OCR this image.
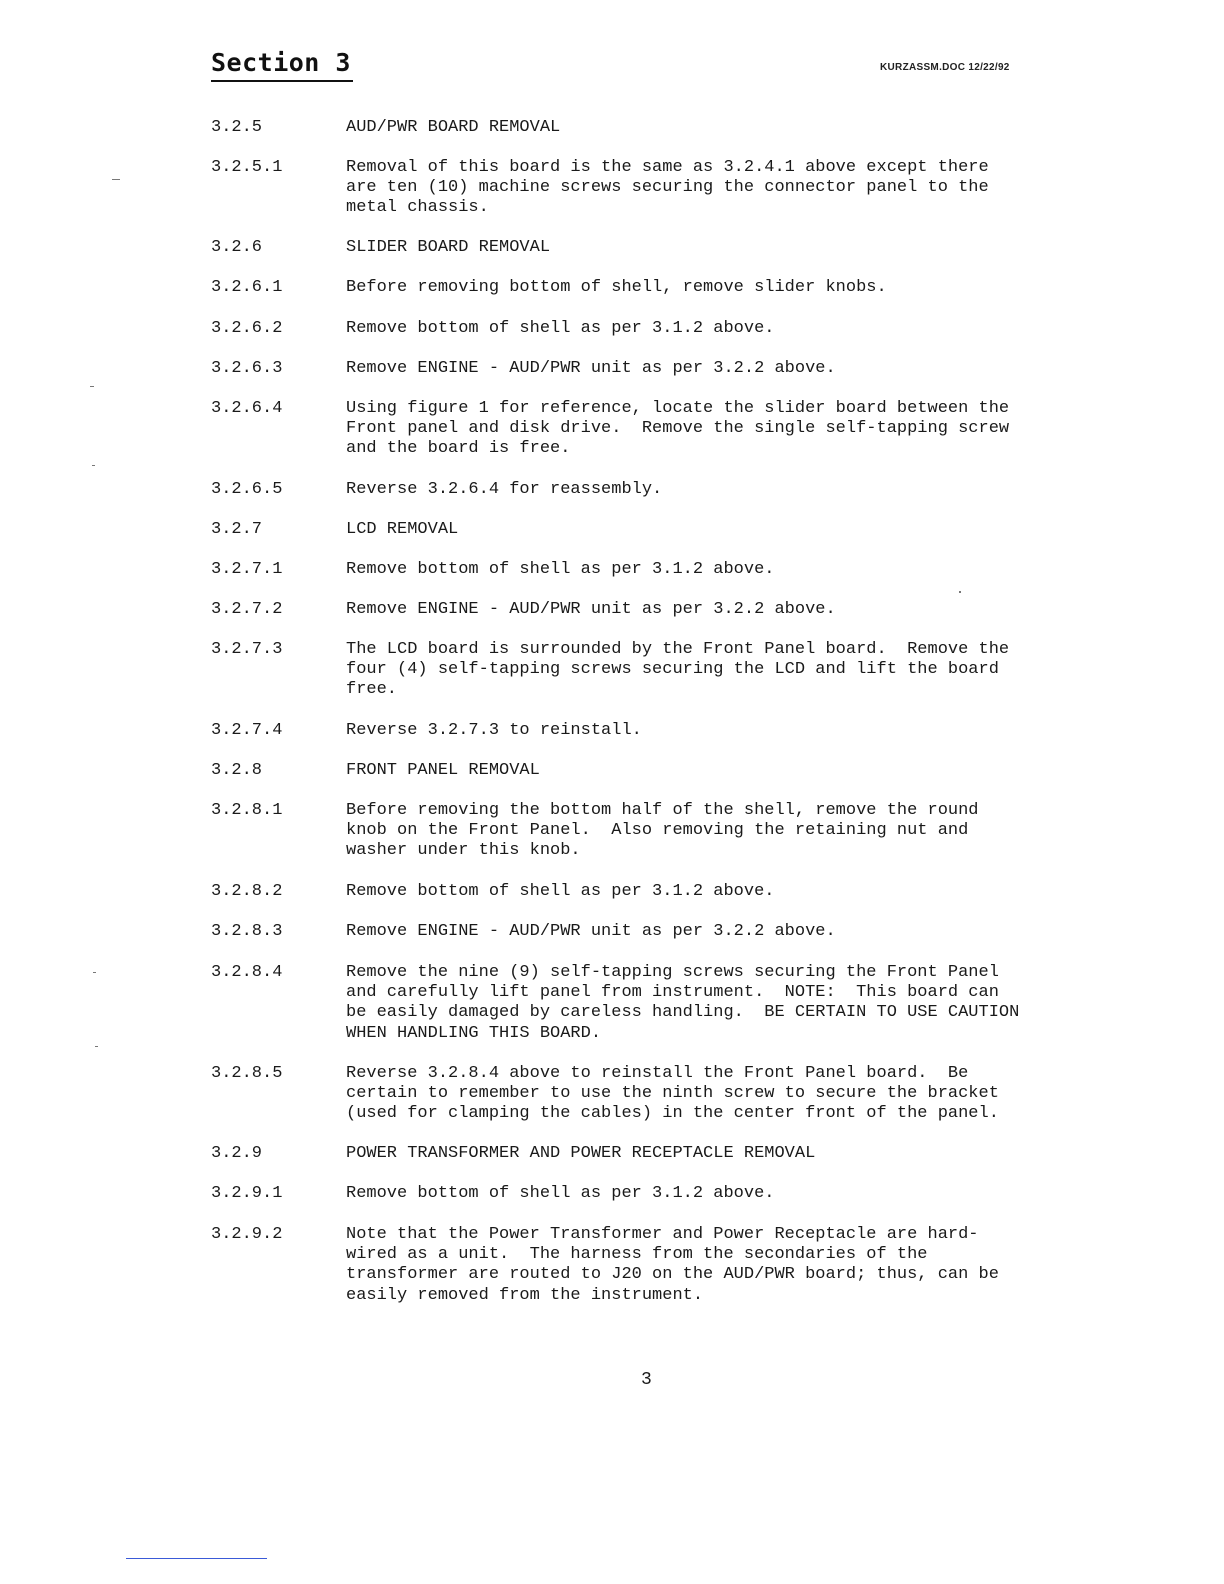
Section 3	KURZASSM.DOC 12/22/92
3.2.5	AUD/PWR BOARD REMOVAL
3.2.5.1	Removal of this board is the same as 3.2.4.1 above except there
are ten (10) machine screws securing the connector panel to the
metal chassis.
3.2.6	SLIDER BOARD REMOVAL
3.2.6.1	Before removing bottom of shell, remove slider knobs.
3.2.6.2	Remove bottom of shell as per 3.1.2 above.
3.2.6.3	Remove ENGINE - AUD/PWR unit as per 3.2.2 above.
3.2.6.4	Using figure 1 for reference, locate the slider board between the
Front panel and disk drive.  Remove the single self-tapping screw
and the board is free.
3.2.6.5	Reverse 3.2.6.4 for reassembly.
3.2.7	LCD REMOVAL
3.2.7.1	Remove bottom of shell as per 3.1.2 above.
3.2.7.2	Remove ENGINE - AUD/PWR unit as per 3.2.2 above.
3.2.7.3	The LCD board is surrounded by the Front Panel board.  Remove the
four (4) self-tapping screws securing the LCD and lift the board
free.
3.2.7.4	Reverse 3.2.7.3 to reinstall.
3.2.8	FRONT PANEL REMOVAL
3.2.8.1	Before removing the bottom half of the shell, remove the round
knob on the Front Panel.  Also removing the retaining nut and
washer under this knob.
3.2.8.2	Remove bottom of shell as per 3.1.2 above.
3.2.8.3	Remove ENGINE - AUD/PWR unit as per 3.2.2 above.
3.2.8.4	Remove the nine (9) self-tapping screws securing the Front Panel
and carefully lift panel from instrument.  NOTE:  This board can
be easily damaged by careless handling.  BE CERTAIN TO USE CAUTION
WHEN HANDLING THIS BOARD.
3.2.8.5	Reverse 3.2.8.4 above to reinstall the Front Panel board.  Be
certain to remember to use the ninth screw to secure the bracket
(used for clamping the cables) in the center front of the panel.
3.2.9	POWER TRANSFORMER AND POWER RECEPTACLE REMOVAL
3.2.9.1	Remove bottom of shell as per 3.1.2 above.
3.2.9.2	Note that the Power Transformer and Power Receptacle are hard-
wired as a unit.  The harness from the secondaries of the
transformer are routed to J20 on the AUD/PWR board; thus, can be
easily removed from the instrument.
3
